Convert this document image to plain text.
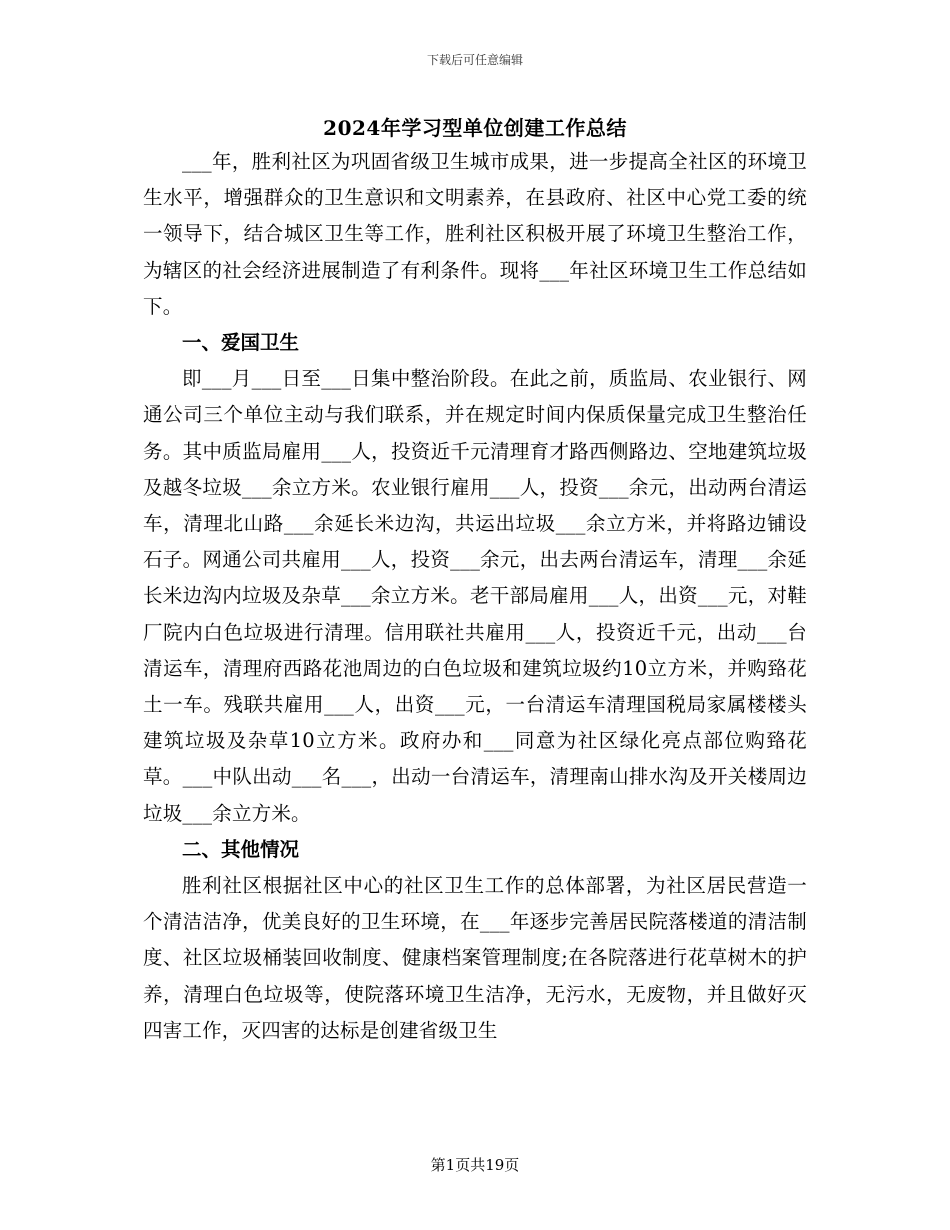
下载后可任意编辑
2024年学习型单位创建工作总结

___年，胜利社区为巩固省级卫生城市成果，进一步提高全社区的环境卫生水平，增强群众的卫生意识和文明素养，在县政府、社区中心党工委的统一领导下，结合城区卫生等工作，胜利社区积极开展了环境卫生整治工作，为辖区的社会经济进展制造了有利条件。现将___年社区环境卫生工作总结如下。

一、爱国卫生

即___月___日至___日集中整治阶段。在此之前，质监局、农业银行、网通公司三个单位主动与我们联系，并在规定时间内保质保量完成卫生整治任务。其中质监局雇用___人，投资近千元清理育才路西侧路边、空地建筑垃圾及越冬垃圾___余立方米。农业银行雇用___人，投资___余元，出动两台清运车，清理北山路___余延长米边沟，共运出垃圾___余立方米，并将路边铺设石子。网通公司共雇用___人，投资___余元，出去两台清运车，清理___余延长米边沟内垃圾及杂草___余立方米。老干部局雇用___人，出资___元，对鞋厂院内白色垃圾进行清理。信用联社共雇用___人，投资近千元，出动___台清运车，清理府西路花池周边的白色垃圾和建筑垃圾约10立方米，并购臵花土一车。残联共雇用___人，出资___元，一台清运车清理国税局家属楼楼头建筑垃圾及杂草10立方米。政府办和___同意为社区绿化亮点部位购臵花草。___中队出动___名___，出动一台清运车，清理南山排水沟及开关楼周边垃圾___余立方米。

二、其他情况

胜利社区根据社区中心的社区卫生工作的总体部署，为社区居民营造一个清洁洁净，优美良好的卫生环境，在___年逐步完善居民院落楼道的清洁制度、社区垃圾桶装回收制度、健康档案管理制度;在各院落进行花草树木的护养，清理白色垃圾等，使院落环境卫生洁净，无污水，无废物，并且做好灭四害工作，灭四害的达标是创建省级卫生

第1页共19页
